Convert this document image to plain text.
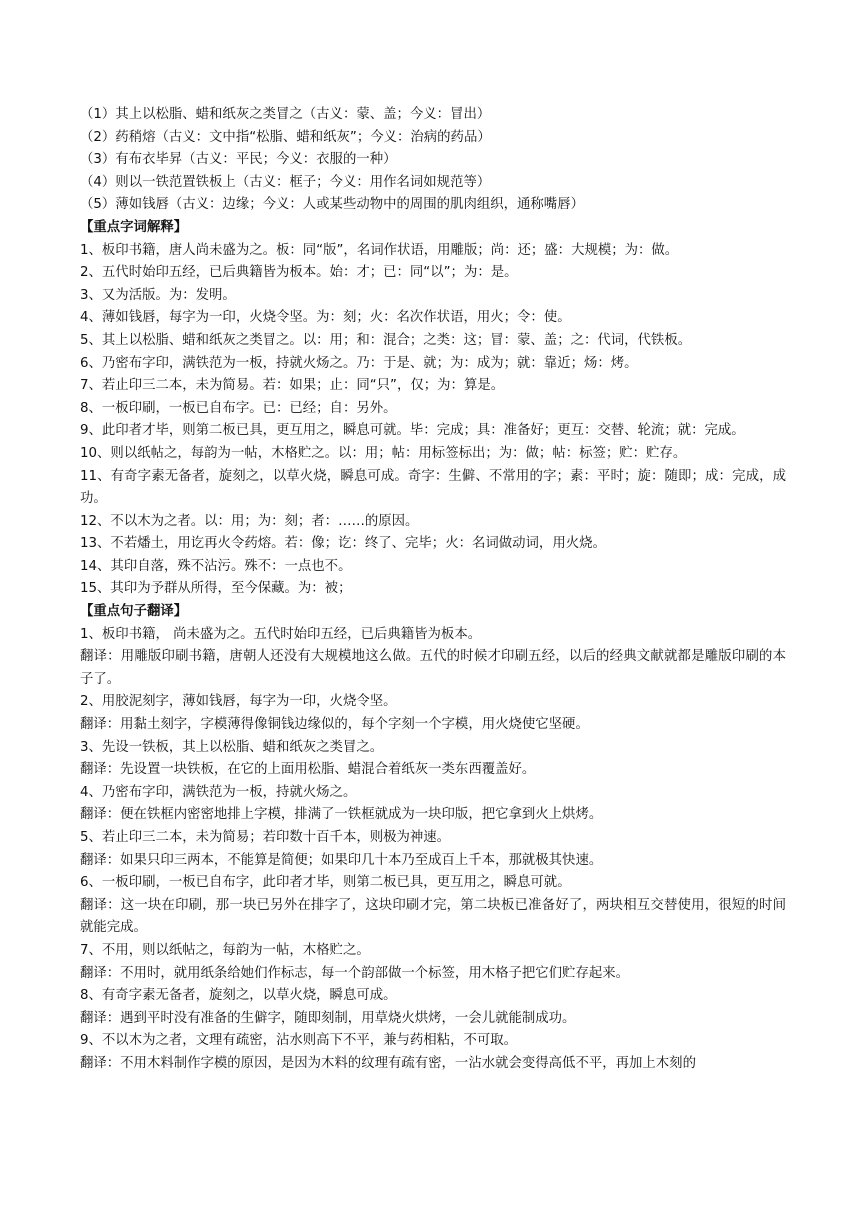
（1）其上以松脂、蜡和纸灰之类冒之（古义：蒙、盖；今义：冒出）

（2）药稍熔（古义：文中指“松脂、蜡和纸灰”；今义：治病的药品）

（3）有布衣毕昇（古义：平民；今义：衣服的一种）

（4）则以一铁范置铁板上（古义：框子；今义：用作名词如规范等）

（5）薄如钱唇（古义：边缘；今义：人或某些动物中的周围的肌肉组织，通称嘴唇）

【重点字词解释】

1、板印书籍，唐人尚未盛为之。板：同“版”，名词作状语，用雕版；尚：还；盛：大规模；为：做。

2、五代时始印五经，已后典籍皆为板本。始：才；已：同“以”；为：是。

3、又为活版。为：发明。

4、薄如钱唇，每字为一印，火烧令坚。为：刻；火：名次作状语，用火；令：使。

5、其上以松脂、蜡和纸灰之类冒之。以：用；和：混合；之类：这；冒：蒙、盖；之：代词，代铁板。

6、乃密布字印，满铁范为一板，持就火炀之。乃：于是、就；为：成为；就：靠近；炀：烤。

7、若止印三二本，未为简易。若：如果；止：同“只”，仅；为：算是。

8、一板印刷，一板已自布字。已：已经；自：另外。

9、此印者才毕，则第二板已具，更互用之，瞬息可就。毕：完成；具：准备好；更互：交替、轮流；就：完成。

10、则以纸帖之，每韵为一帖，木格贮之。以：用；帖：用标签标出；为：做；帖：标签；贮：贮存。

11、有奇字素无备者，旋刻之，以草火烧，瞬息可成。奇字：生僻、不常用的字；素：平时；旋：随即；成：完成，成功。

12、不以木为之者。以：用；为：刻；者：……的原因。

13、不若燔土，用讫再火令药熔。若：像；讫：终了、完毕；火：名词做动词，用火烧。

14、其印自落，殊不沾污。殊不：一点也不。

15、其印为予群从所得，至今保藏。为：被；

【重点句子翻译】

1、板印书籍， 尚未盛为之。五代时始印五经，已后典籍皆为板本。

翻译：用雕版印刷书籍，唐朝人还没有大规模地这么做。五代的时候才印刷五经，以后的经典文献就都是雕版印刷的本子了。

2、用胶泥刻字，薄如钱唇，每字为一印，火烧令坚。

翻译：用黏土刻字，字模薄得像铜钱边缘似的，每个字刻一个字模，用火烧使它坚硬。

3、先设一铁板，其上以松脂、蜡和纸灰之类冒之。

翻译：先设置一块铁板，在它的上面用松脂、蜡混合着纸灰一类东西覆盖好。

4、乃密布字印，满铁范为一板，持就火炀之。

翻译：便在铁框内密密地排上字模，排满了一铁框就成为一块印版，把它拿到火上烘烤。

5、若止印三二本，未为简易；若印数十百千本，则极为神速。

翻译：如果只印三两本，不能算是简便；如果印几十本乃至成百上千本，那就极其快速。

6、一板印刷，一板已自布字，此印者才毕，则第二板已具，更互用之，瞬息可就。

翻译：这一块在印刷，那一块已另外在排字了，这块印刷才完，第二块板已准备好了，两块相互交替使用，很短的时间就能完成。

7、不用，则以纸帖之，每韵为一帖，木格贮之。

翻译：不用时，就用纸条给她们作标志，每一个韵部做一个标签，用木格子把它们贮存起来。

8、有奇字素无备者，旋刻之，以草火烧，瞬息可成。

翻译：遇到平时没有准备的生僻字，随即刻制，用草烧火烘烤，一会儿就能制成功。

9、不以木为之者，文理有疏密，沾水则高下不平，兼与药相粘，不可取。

翻译：不用木料制作字模的原因，是因为木料的纹理有疏有密，一沾水就会变得高低不平，再加上木刻的
